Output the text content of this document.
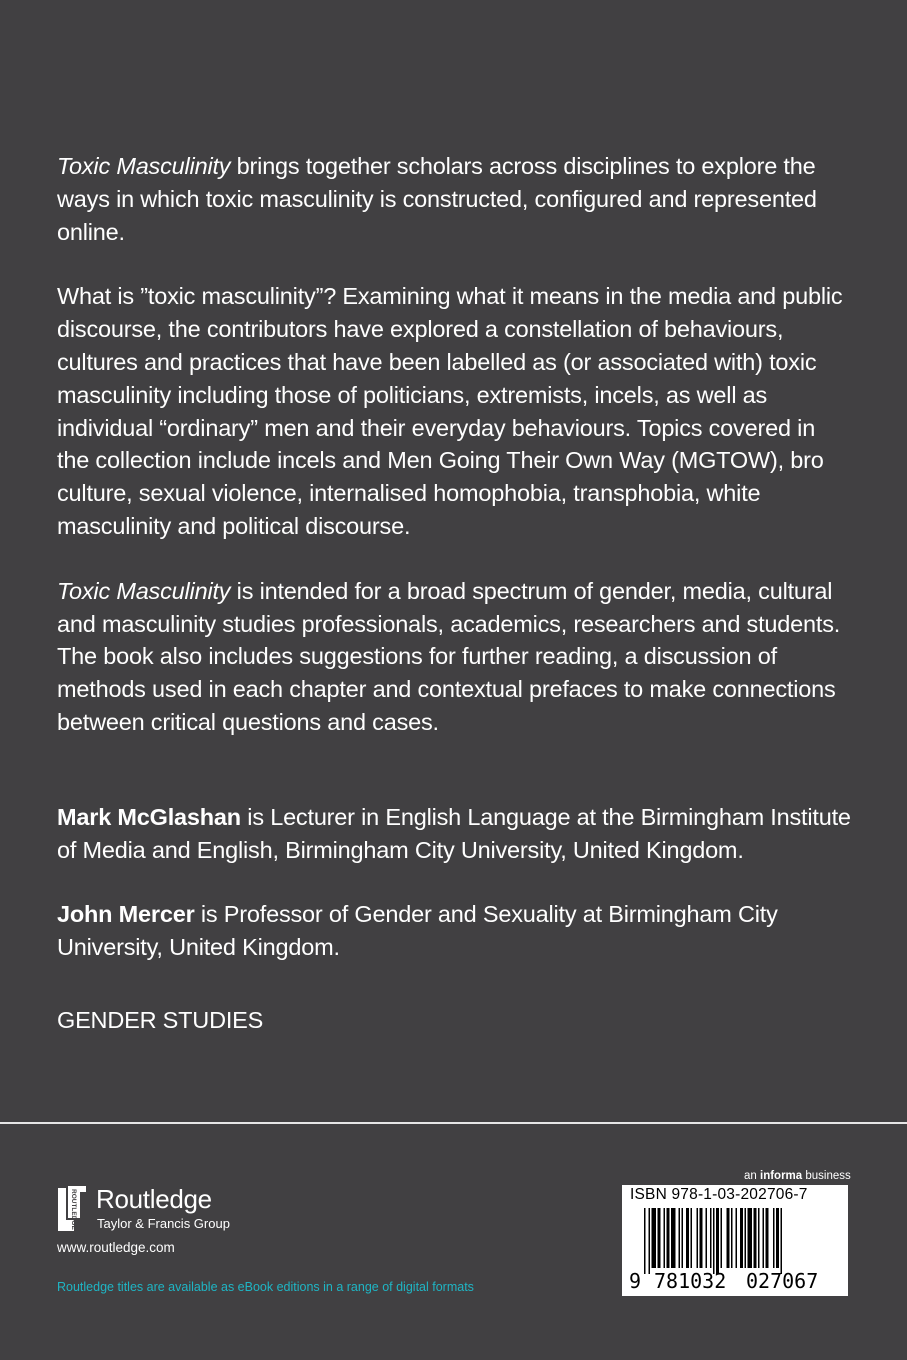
Toxic Masculinity brings together scholars across disciplines to explore the ways in which toxic masculinity is constructed, configured and represented online.

What is ”toxic masculinity”? Examining what it means in the media and public discourse, the contributors have explored a constellation of behaviours, cultures and practices that have been labelled as (or associated with) toxic masculinity including those of politicians, extremists, incels, as well as individual “ordinary” men and their everyday behaviours. Topics covered in the collection include incels and Men Going Their Own Way (MGTOW), bro culture, sexual violence, internalised homophobia, transphobia, white masculinity and political discourse.

Toxic Masculinity is intended for a broad spectrum of gender, media, cultural and masculinity studies professionals, academics, researchers and students. The book also includes suggestions for further reading, a discussion of methods used in each chapter and contextual prefaces to make connections between critical questions and cases.

Mark McGlashan is Lecturer in English Language at the Birmingham Institute of Media and English, Birmingham City University, United Kingdom.

John Mercer is Professor of Gender and Sexuality at Birmingham City University, United Kingdom.

GENDER STUDIES
ROUTLEDGE Routledge
Taylor & Francis Group
www.routledge.com
Routledge titles are available as eBook editions in a range of digital formats
an informa business
ISBN 978-1-03-202706-7
9 781032 027067
